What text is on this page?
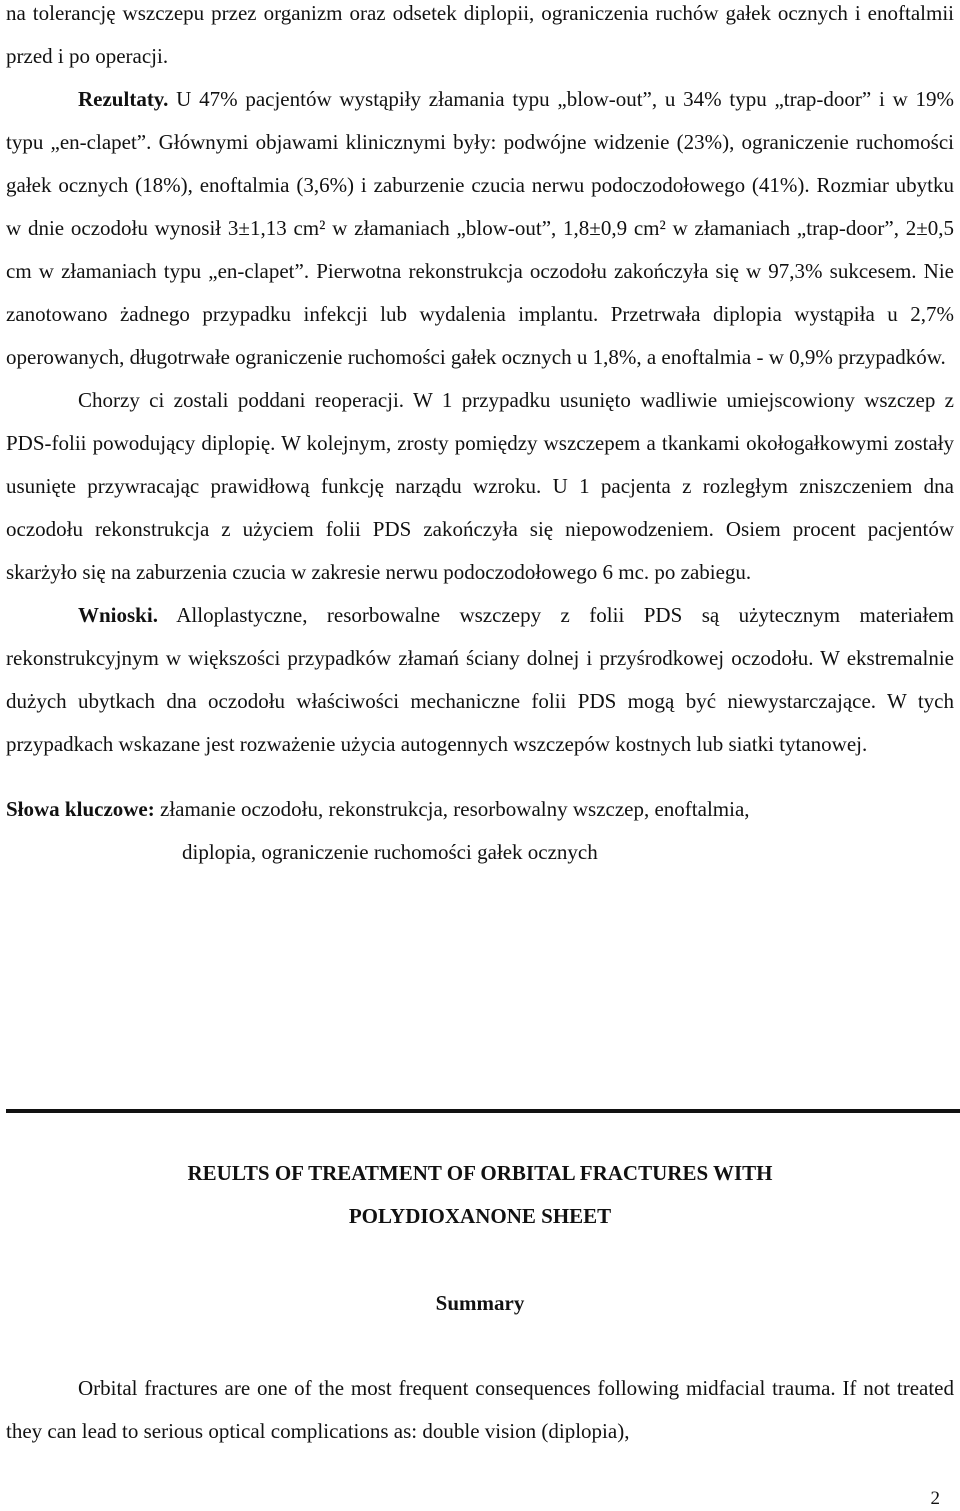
na tolerancję wszczepu przez organizm oraz odsetek diplopii, ograniczenia ruchów gałek ocznych i enoftalmii przed i po operacji.

Rezultaty. U 47% pacjentów wystąpiły złamania typu „blow-out”, u 34% typu „trap-door” i w 19% typu „en-clapet”. Głównymi objawami klinicznymi były: podwójne widzenie (23%), ograniczenie ruchomości gałek ocznych (18%), enoftalmia (3,6%) i zaburzenie czucia nerwu podoczodołowego (41%). Rozmiar ubytku w dnie oczodołu wynosił 3±1,13 cm² w złamaniach „blow-out”, 1,8±0,9 cm² w złamaniach „trap-door”, 2±0,5 cm w złamaniach typu „en-clapet”. Pierwotna rekonstrukcja oczodołu zakończyła się w 97,3% sukcesem. Nie zanotowano żadnego przypadku infekcji lub wydalenia implantu. Przetrwała diplopia wystąpiła u 2,7% operowanych, długotrwałe ograniczenie ruchomości gałek ocznych u 1,8%, a enoftalmia - w 0,9% przypadków.

Chorzy ci zostali poddani reoperacji. W 1 przypadku usunięto wadliwie umiejscowiony wszczep z PDS-folii powodujący diplopię. W kolejnym, zrosty pomiędzy wszczepem a tkankami okołogałkowymi zostały usunięte przywracając prawidłową funkcję narządu wzroku. U 1 pacjenta z rozległym zniszczeniem dna oczodołu rekonstrukcja z użyciem folii PDS zakończyła się niepowodzeniem. Osiem procent pacjentów skarżyło się na zaburzenia czucia w zakresie nerwu podoczodołowego 6 mc. po zabiegu.

Wnioski. Alloplastyczne, resorbowalne wszczepy z folii PDS są użytecznym materiałem rekonstrukcyjnym w większości przypadków złamań ściany dolnej i przyśrodkowej oczodołu. W ekstremalnie dużych ubytkach dna oczodołu właściwości mechaniczne folii PDS mogą być niewystarczające. W tych przypadkach wskazane jest rozważenie użycia autogennych wszczepów kostnych lub siatki tytanowej.

Słowa kluczowe: złamanie oczodołu, rekonstrukcja, resorbowalny wszczep, enoftalmia,
diplopia, ograniczenie ruchomości gałek ocznych
REULTS OF TREATMENT OF ORBITAL FRACTURES WITH
POLYDIOXANONE SHEET
Summary

Orbital fractures are one of the most frequent consequences following midfacial trauma. If not treated they can lead to serious optical complications as: double vision (diplopia),

2
